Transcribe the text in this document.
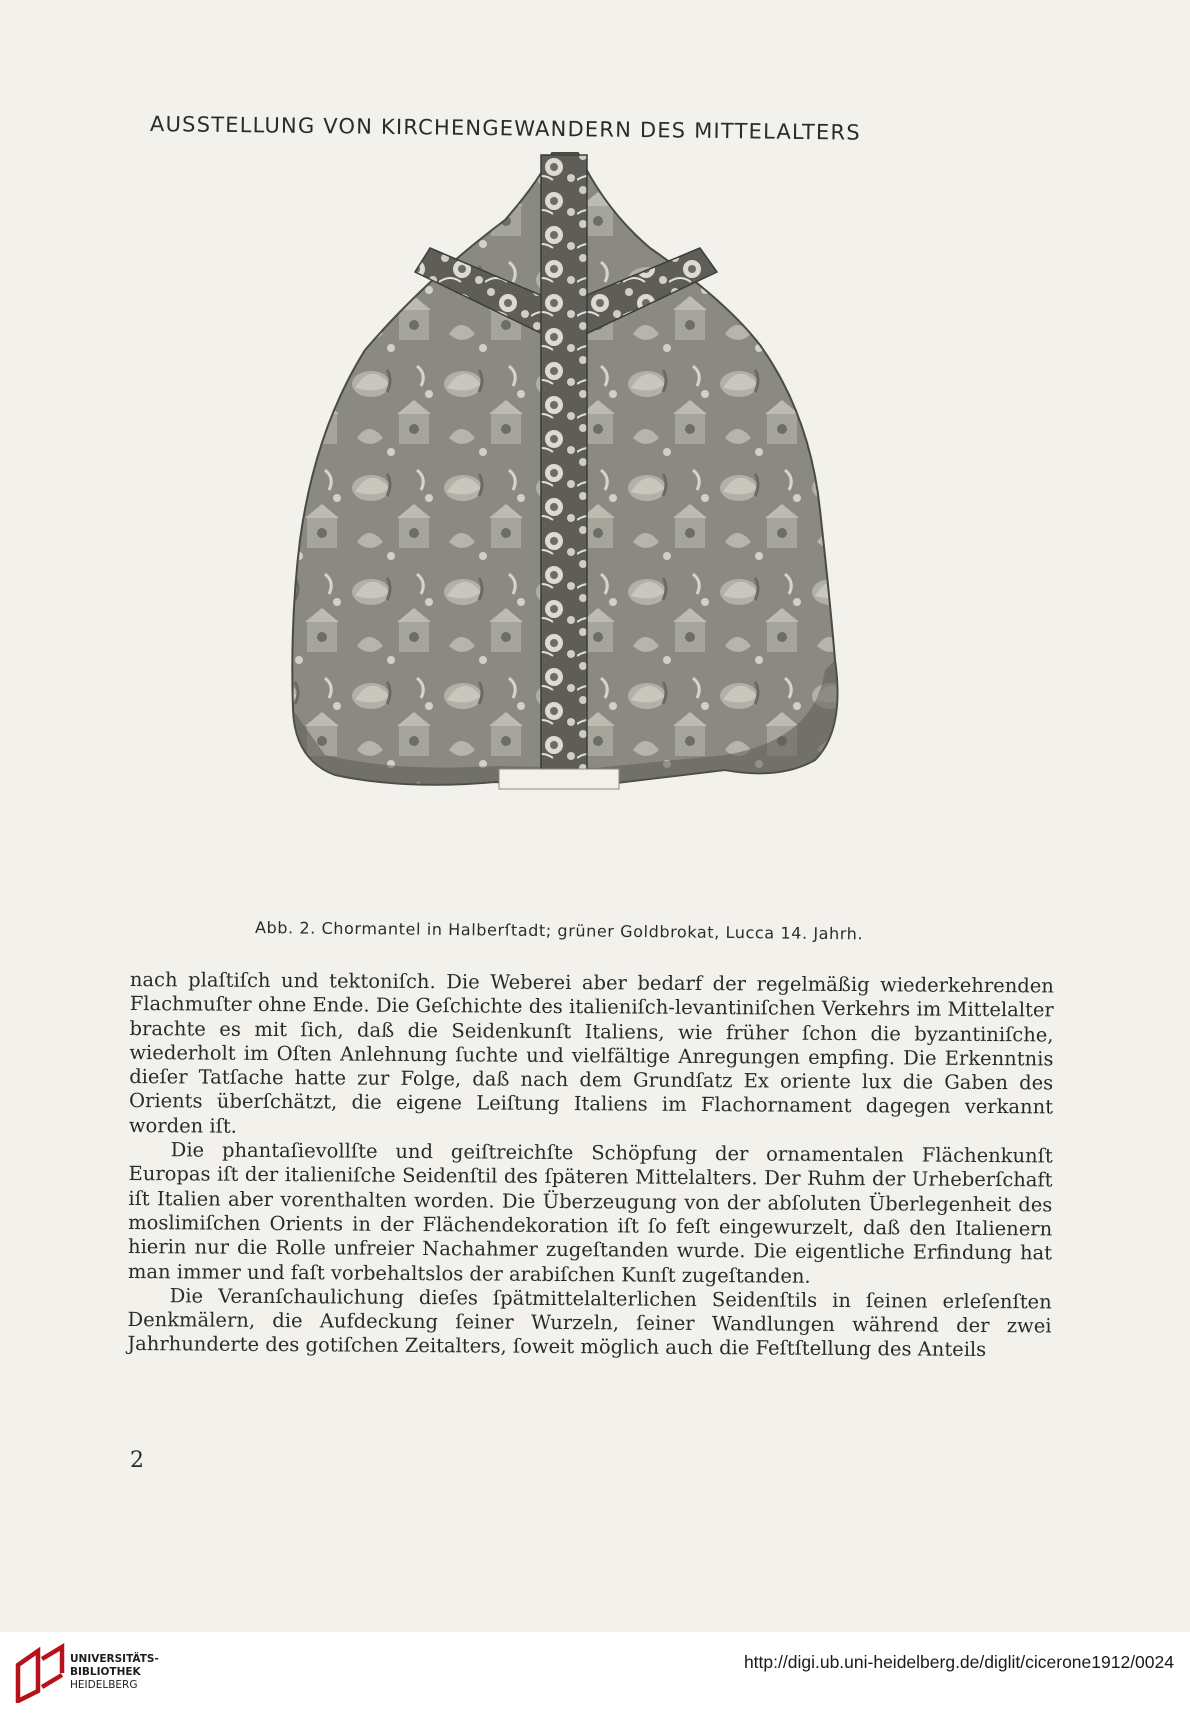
AUSSTELLUNG VON KIRCHENGEWANDERN DES MITTELALTERS
Abb. 2. Chormantel in Halberſtadt; grüner Goldbrokat, Lucca 14. Jahrh.

nach plaſtiſch und tektoniſch. Die Weberei aber bedarf der regelmäßig wiederkehrenden Flachmuſter ohne Ende. Die Geſchichte des italieniſch-levantiniſchen Verkehrs im Mittelalter brachte es mit ſich, daß die Seidenkunſt Italiens, wie früher ſchon die byzantiniſche, wiederholt im Oſten Anlehnung ſuchte und vielfältige Anregungen empfing. Die Erkenntnis dieſer Tatſache hatte zur Folge, daß nach dem Grundſatz Ex oriente lux die Gaben des Orients überſchätzt, die eigene Leiſtung Italiens im Flachornament dagegen verkannt worden iſt.

Die phantaſievollſte und geiſtreichſte Schöpfung der ornamentalen Flächenkunſt Europas iſt der italieniſche Seidenſtil des ſpäteren Mittelalters. Der Ruhm der Urheberſchaft iſt Italien aber vorenthalten worden. Die Überzeugung von der abſoluten Überlegenheit des moslimiſchen Orients in der Flächendekoration iſt ſo feſt eingewurzelt, daß den Italienern hierin nur die Rolle unfreier Nachahmer zugeſtanden wurde. Die eigentliche Erfindung hat man immer und faſt vorbehaltslos der arabiſchen Kunſt zugeſtanden.

Die Veranſchaulichung dieſes ſpätmittelalterlichen Seidenſtils in ſeinen erleſenſten Denkmälern, die Aufdeckung ſeiner Wurzeln, ſeiner Wandlungen während der zwei Jahrhunderte des gotiſchen Zeitalters, ſoweit möglich auch die Feſtſtellung des Anteils

2
UNIVERSITÄTS-
BIBLIOTHEK
HEIDELBERG
http://digi.ub.uni-heidelberg.de/diglit/cicerone1912/0024
